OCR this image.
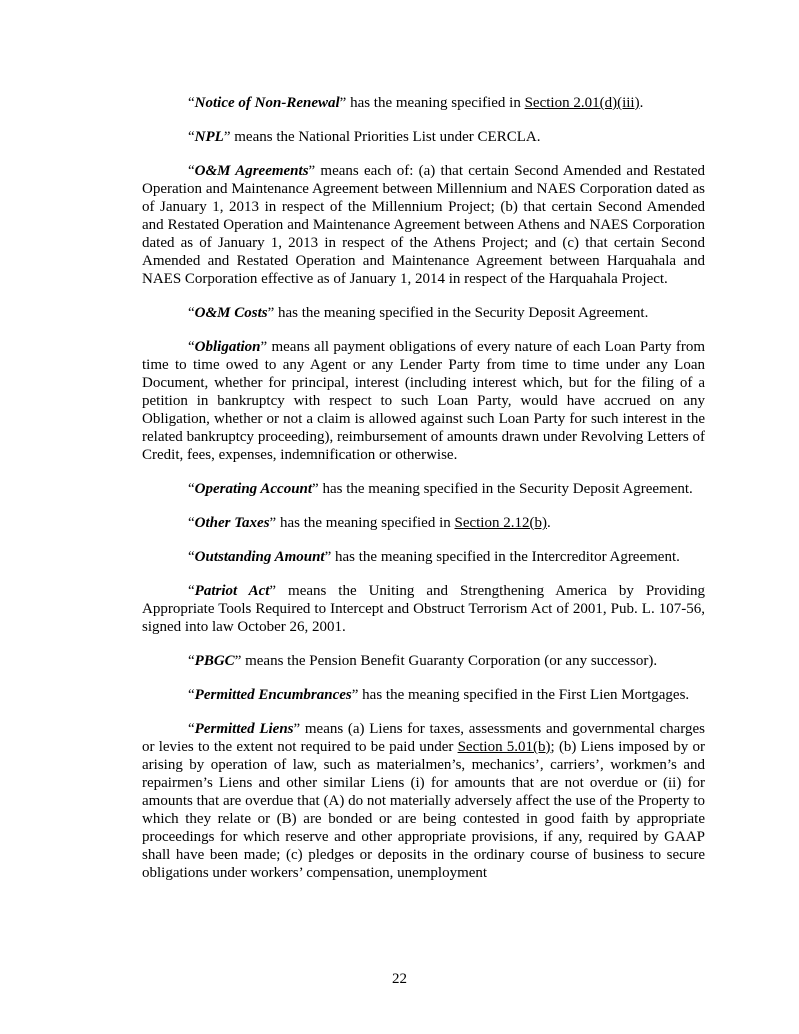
“Notice of Non-Renewal” has the meaning specified in Section 2.01(d)(iii).

“NPL” means the National Priorities List under CERCLA.

“O&M Agreements” means each of: (a) that certain Second Amended and Restated Operation and Maintenance Agreement between Millennium and NAES Corporation dated as of January 1, 2013 in respect of the Millennium Project; (b) that certain Second Amended and Restated Operation and Maintenance Agreement between Athens and NAES Corporation dated as of January 1, 2013 in respect of the Athens Project; and (c) that certain Second Amended and Restated Operation and Maintenance Agreement between Harquahala and NAES Corporation effective as of January 1, 2014 in respect of the Harquahala Project.

“O&M Costs” has the meaning specified in the Security Deposit Agreement.

“Obligation” means all payment obligations of every nature of each Loan Party from time to time owed to any Agent or any Lender Party from time to time under any Loan Document, whether for principal, interest (including interest which, but for the filing of a petition in bankruptcy with respect to such Loan Party, would have accrued on any Obligation, whether or not a claim is allowed against such Loan Party for such interest in the related bankruptcy proceeding), reimbursement of amounts drawn under Revolving Letters of Credit, fees, expenses, indemnification or otherwise.

“Operating Account” has the meaning specified in the Security Deposit Agreement.

“Other Taxes” has the meaning specified in Section 2.12(b).

“Outstanding Amount” has the meaning specified in the Intercreditor Agreement.

“Patriot Act” means the Uniting and Strengthening America by Providing Appropriate Tools Required to Intercept and Obstruct Terrorism Act of 2001, Pub. L. 107-56, signed into law October 26, 2001.

“PBGC” means the Pension Benefit Guaranty Corporation (or any successor).

“Permitted Encumbrances” has the meaning specified in the First Lien Mortgages.

“Permitted Liens” means (a) Liens for taxes, assessments and governmental charges or levies to the extent not required to be paid under Section 5.01(b); (b) Liens imposed by or arising by operation of law, such as materialmen’s, mechanics’, carriers’, workmen’s and repairmen’s Liens and other similar Liens (i) for amounts that are not overdue or (ii) for amounts that are overdue that (A) do not materially adversely affect the use of the Property to which they relate or (B) are bonded or are being contested in good faith by appropriate proceedings for which reserve and other appropriate provisions, if any, required by GAAP shall have been made; (c) pledges or deposits in the ordinary course of business to secure obligations under workers’ compensation, unemployment

22
